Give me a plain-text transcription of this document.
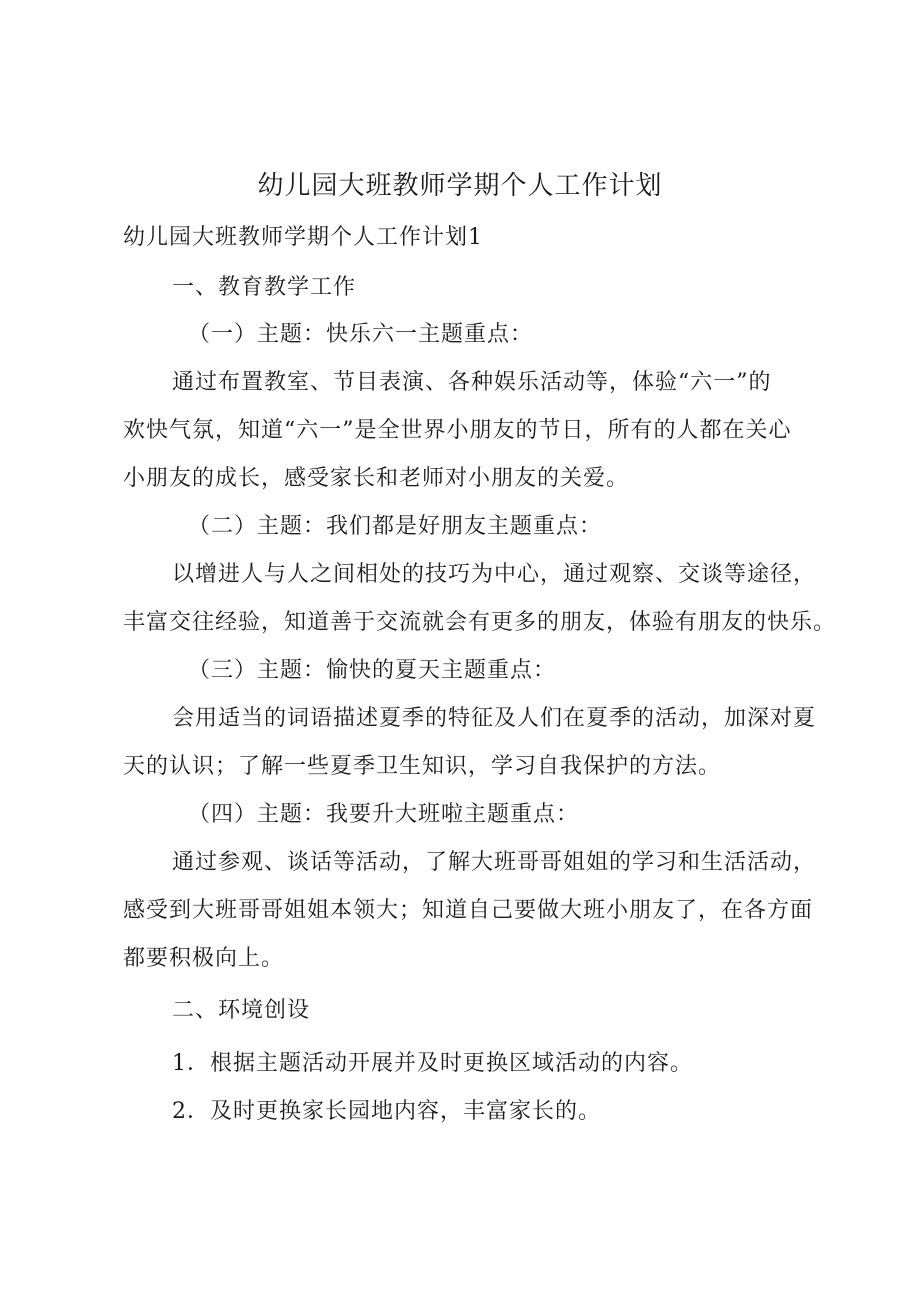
幼儿园大班教师学期个人工作计划
幼儿园大班教师学期个人工作计划1
一、教育教学工作
（一）主题：快乐六一主题重点：
通过布置教室、节目表演、各种娱乐活动等，体验“六一”的
欢快气氛，知道“六一”是全世界小朋友的节日，所有的人都在关心
小朋友的成长，感受家长和老师对小朋友的关爱。
（二）主题：我们都是好朋友主题重点：
以增进人与人之间相处的技巧为中心，通过观察、交谈等途径，
丰富交往经验，知道善于交流就会有更多的朋友，体验有朋友的快乐。
（三）主题：愉快的夏天主题重点：
会用适当的词语描述夏季的特征及人们在夏季的活动，加深对夏
天的认识；了解一些夏季卫生知识，学习自我保护的方法。
（四）主题：我要升大班啦主题重点：
通过参观、谈话等活动，了解大班哥哥姐姐的学习和生活活动，
感受到大班哥哥姐姐本领大；知道自己要做大班小朋友了，在各方面
都要积极向上。
二、环境创设
1．根据主题活动开展并及时更换区域活动的内容。
2．及时更换家长园地内容，丰富家长的。
